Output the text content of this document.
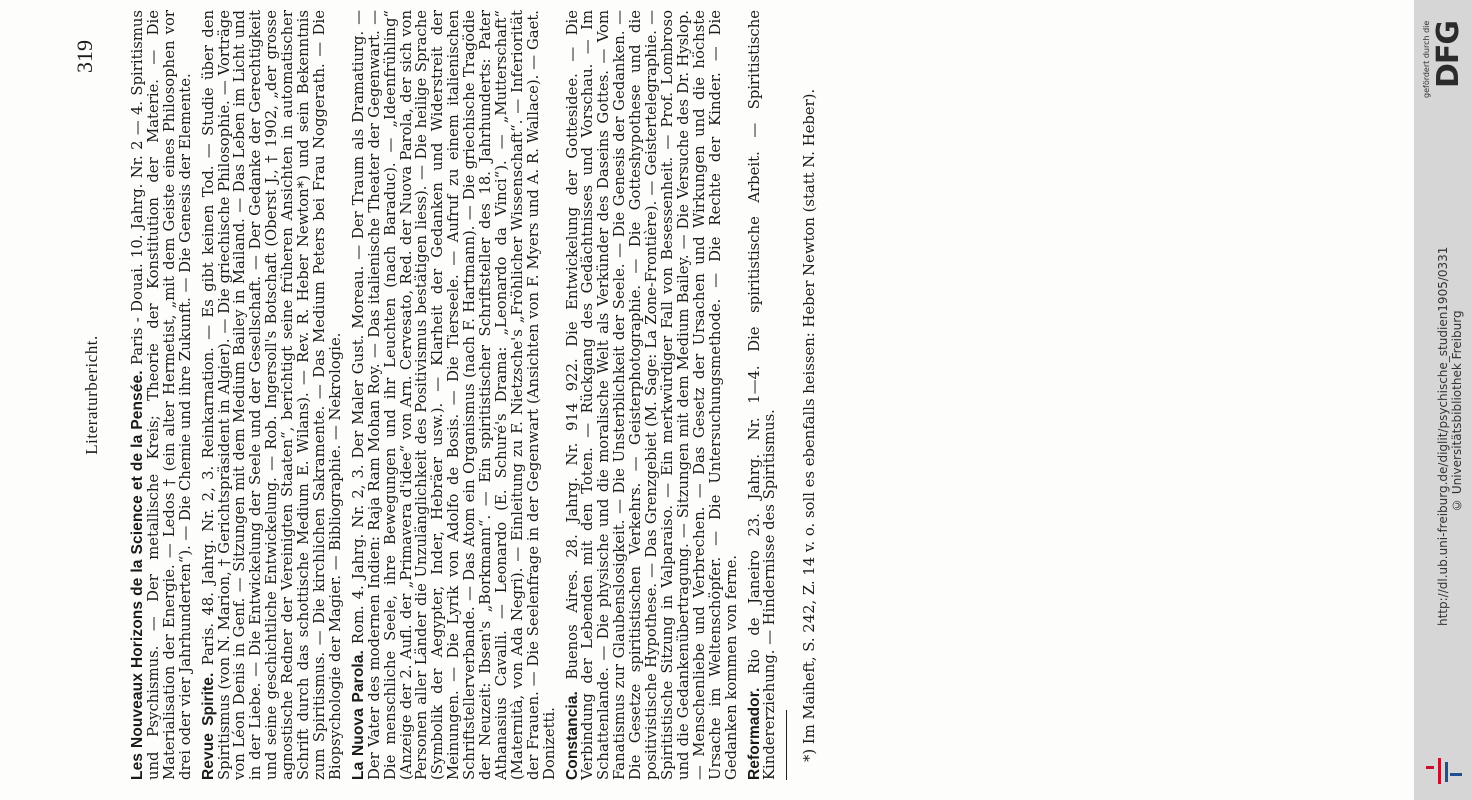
Literaturbericht.
319

Les Nouveaux Horizons de la Science et de la Pensée. Paris - Douai. 10. Jahrg. Nr. 2 — 4. Spiritismus und Psychismus. — Der metallische Kreis; Theorie der Konstitution der Materie. — Die Materialisation der Energie. — Ledos † (ein alter Hermetist, „mit dem Geiste eines Philosophen vor drei oder vier Jahrhunderten“). — Die Chemie und ihre Zukunft. — Die Genesis der Elemente. Revue Spirite. Paris. 48. Jahrg. Nr. 2, 3. Reinkarnation. — Es gibt keinen Tod. — Studie über den Spiritismus (von N. Marion, † Gerichtspräsident in Algier). — Die griechische Philosophie. — Vorträge von Léon Denis in Genf. — Sitzungen mit dem Medium Bailey in Mailand. — Das Leben im Licht und in der Liebe. — Die Entwickelung der Seele und der Gesellschaft. — Der Gedanke der Gerechtigkeit und seine geschichtliche Entwickelung. — Rob. Ingersoll's Botschaft (Oberst J., † 1902, „der grosse agnostische Redner der Vereinigten Staaten“, berichtigt seine früheren Ansichten in automatischer Schrift durch das schottische Medium E. Wilans). — Rev. R. Heber Newton*) und sein Bekenntnis zum Spiritismus. — Die kirchlichen Sakramente. — Das Medium Peters bei Frau Noggerath. — Die Biopsychologie der Magier. — Bibliographie. — Nekrologie. La Nuova Parola. Rom. 4. Jahrg. Nr. 2, 3. Der Maler Gust. Moreau. — Der Traum als Dramatiurg. — Der Vater des modernen Indien: Raja Ram Mohan Roy. — Das italienische Theater der Gegenwart. — Die menschliche Seele, ihre Bewegungen und ihr Leuchten (nach Baraduc). — „Ideenfrühling“ (Anzeige der 2. Aufl. der „Primavera d'idee“ von Arn. Cervesato, Red. der Nuova Parola, der sich von Personen aller Länder die Unzulänglichkeit des Positivismus bestätigen liess). — Die heilige Sprache (Symbolik der Aegypter, Inder, Hebräer usw.). — Klarheit der Gedanken und Widerstreit der Meinungen. — Die Lyrik von Adolfo de Bosis. — Die Tierseele. — Aufruf zu einem italienischen Schriftstellerverbande. — Das Atom ein Organismus (nach F. Hartmann). — Die griechische Tragödie der Neuzeit: Ibsen's „Borkmann“. — Ein spiritistischer Schriftsteller des 18. Jahrhunderts: Pater Athanasius Cavalli. — Leonardo (E. Schuré's Drama: „Leonardo da Vinci“). — „Mutterschaft“ (Maternità, von Ada Negri). — Einleitung zu F. Nietzsche's „Fröhlicher Wissenschaft“. — Inferiorität der Frauen. — Die Seelenfrage in der Gegenwart (Ansichten von F. Myers und A. R. Wallace). — Gaet. Donizetti. Constancia. Buenos Aires. 28. Jahrg. Nr. 914 922. Die Entwickelung der Gottesidee. — Die Verbindung der Lebenden mit den Toten. — Rückgang des Gedächtnisses und Vorschau. — Im Schattenlande. — Die physische und die moralische Welt als Verkünder des Daseins Gottes. — Vom Fanatismus zur Glaubenslosigkeit. — Die Unsterblichkeit der Seele. — Die Genesis der Gedanken. — Die Gesetze spiritistischen Verkehrs. — Geisterphotographie. — Die Gotteshypothese und die positivistische Hypothese. — Das Grenzgebiet (M. Sage: La Zone-Frontière). — Geistertelegraphie. — Spiritistische Sitzung in Valparaiso. — Ein merkwürdiger Fall von Besessenheit. — Prof. Lombroso und die Gedankenübertragung. — Sitzungen mit dem Medium Bailey. — Die Versuche des Dr. Hyslop. — Menschenliebe und Verbrechen. — Das Gesetz der Ursachen und Wirkungen und die höchste Ursache im Weltenschöpfer. — Die Untersuchungsmethode. — Die Rechte der Kinder. — Die Gedanken kommen von ferne. Reformador. Rio de Janeiro 23. Jahrg. Nr. 1—4. Die spiritistische Arbeit. — Spiritistische Kindererziehung. — Hindernisse des Spiritismus. *) Im Maiheft, S. 242, Z. 14 v. o. soll es ebenfalls heissen: Heber Newton (statt N. Heber).

gefördert durch die DFG
http://dl.ub.uni-freiburg.de/diglit/psychische_studien1905/0331 © Universitätsbibliothek Freiburg
